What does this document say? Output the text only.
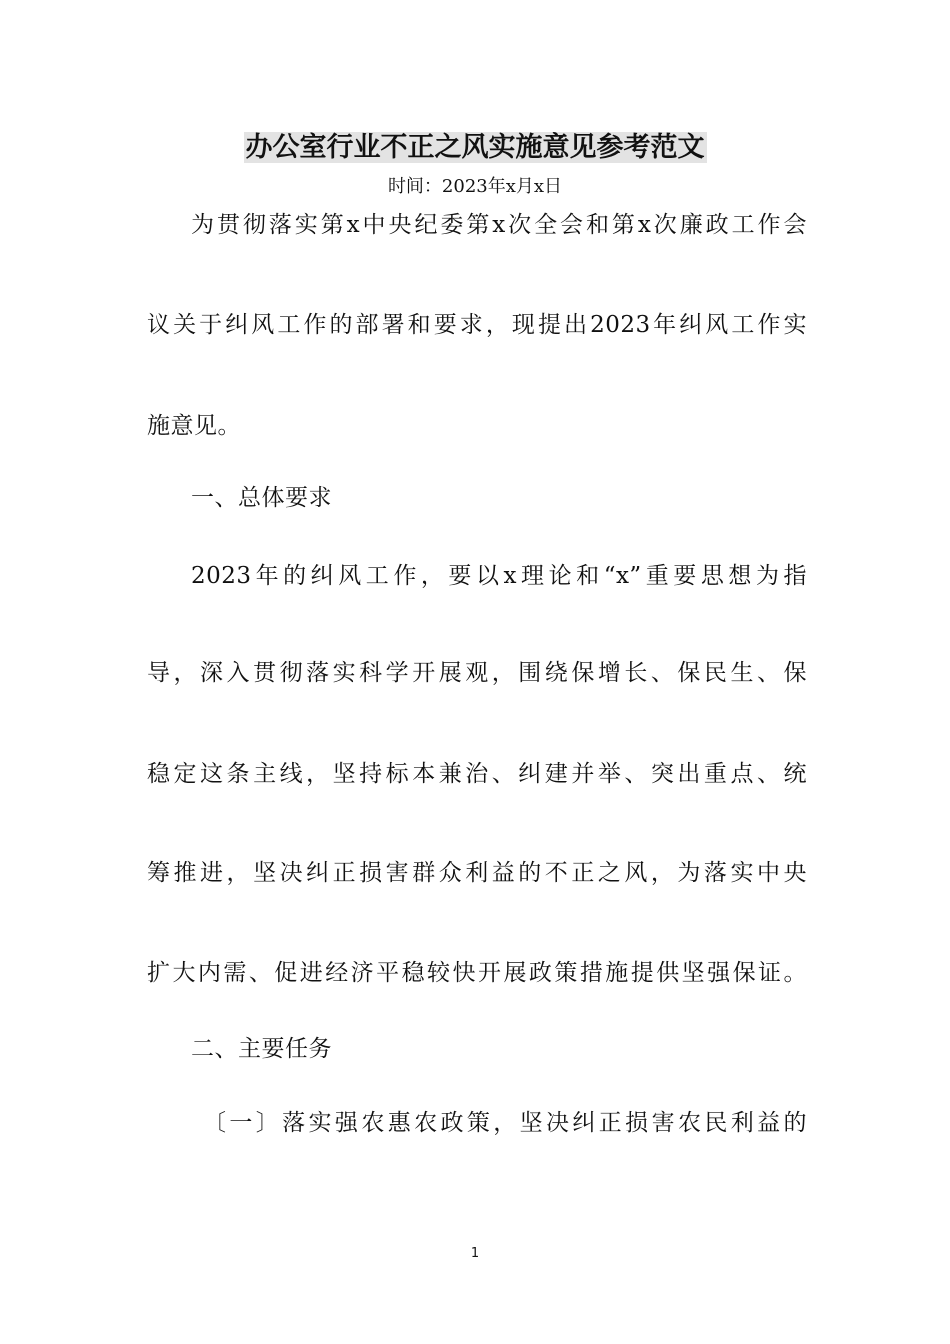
办公室行业不正之风实施意见参考范文
时间：2023年x月x日
为贯彻落实第x中央纪委第x次全会和第x次廉政工作会
议关于纠风工作的部署和要求，现提出2023年纠风工作实
施意见。
一、总体要求
2023年的纠风工作，要以x理论和“x”重要思想为指
导，深入贯彻落实科学开展观，围绕保增长、保民生、保
稳定这条主线，坚持标本兼治、纠建并举、突出重点、统
筹推进，坚决纠正损害群众利益的不正之风，为落实中央
扩大内需、促进经济平稳较快开展政策措施提供坚强保证。
二、主要任务
〔一〕落实强农惠农政策，坚决纠正损害农民利益的
1
